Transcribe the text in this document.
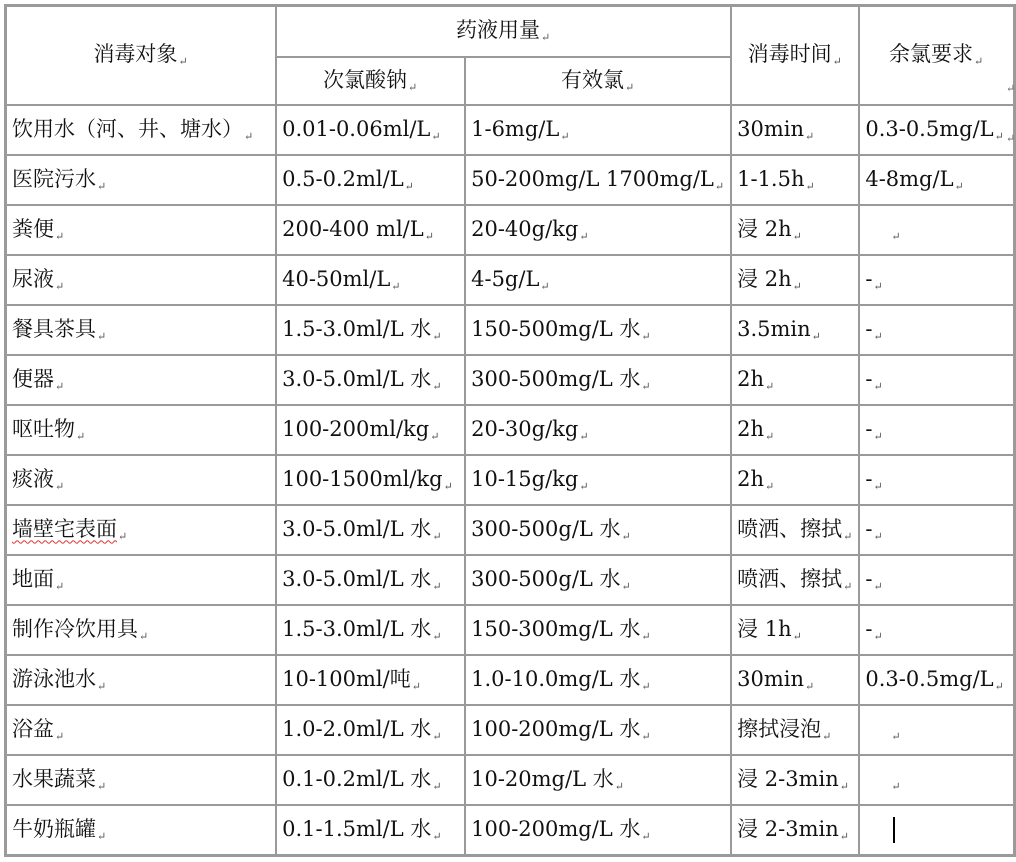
消毒对象↵	药液用量↵		消毒时间↵	余氯要求↵
	次氯酸钠↵	有效氯↵		
饮用水（河、井、塘水）↵	0.01-0.06ml/L↵	1-6mg/L↵	30min↵	0.3-0.5mg/L↵
医院污水↵	0.5-0.2ml/L↵	50-200mg/L 1700mg/L↵	1-1.5h↵	4-8mg/L↵
粪便↵	200-400 ml/L↵	20-40g/kg↵	浸 2h↵	↵
尿液↵	40-50ml/L↵	4-5g/L↵	浸 2h↵	-↵
餐具茶具↵	1.5-3.0ml/L 水↵	150-500mg/L 水↵	3.5min↵	-↵
便器↵	3.0-5.0ml/L 水↵	300-500mg/L 水↵	2h↵	-↵
呕吐物↵	100-200ml/kg↵	20-30g/kg↵	2h↵	-↵
痰液↵	100-1500ml/kg↵	10-15g/kg↵	2h↵	-↵
墙壁宅表面↵	3.0-5.0ml/L 水↵	300-500g/L 水↵	喷洒、擦拭↵	-↵
地面↵	3.0-5.0ml/L 水↵	300-500g/L 水↵	喷洒、擦拭↵	-↵
制作冷饮用具↵	1.5-3.0ml/L 水↵	150-300mg/L 水↵	浸 1h↵	-↵
游泳池水↵	10-100ml/吨↵	1.0-10.0mg/L 水↵	30min↵	0.3-0.5mg/L↵
浴盆↵	1.0-2.0ml/L 水↵	100-200mg/L 水↵	擦拭浸泡↵	↵
水果蔬菜↵	0.1-0.2ml/L 水↵	10-20mg/L 水↵	浸 2-3min↵	↵
牛奶瓶罐↵	0.1-1.5ml/L 水↵	100-200mg/L 水↵	浸 2-3min↵	
↵
↵
